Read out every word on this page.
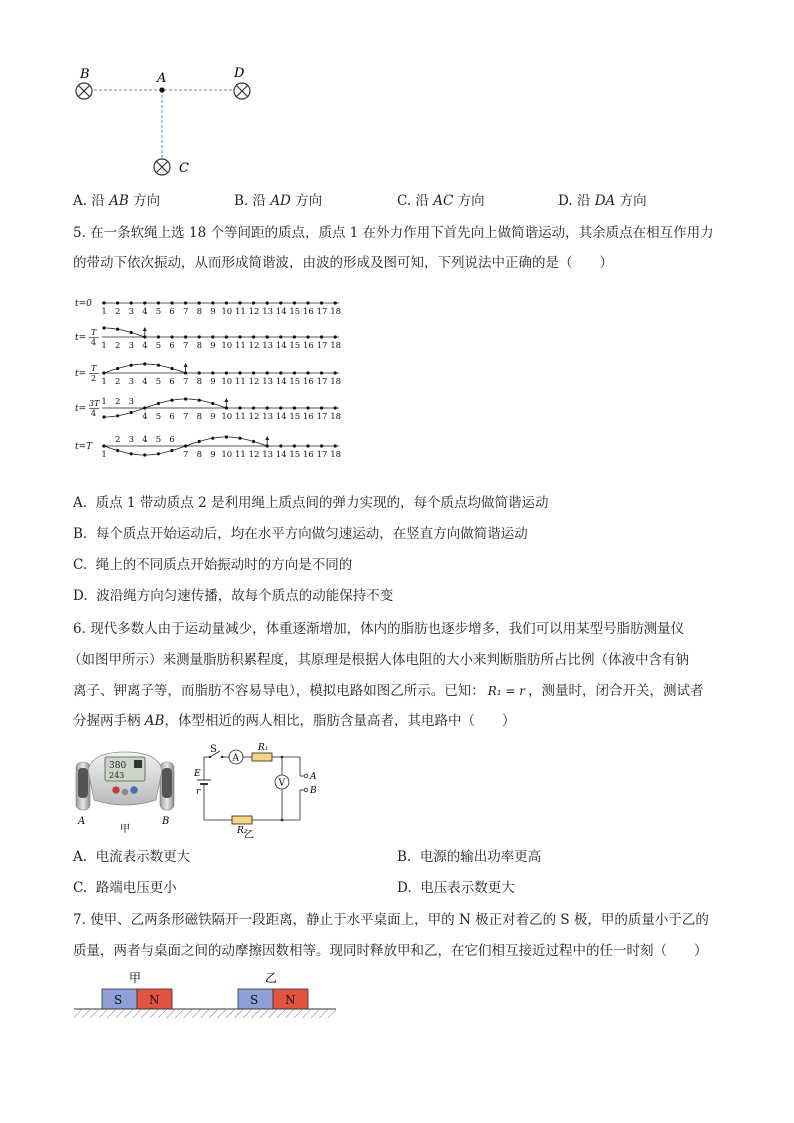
B	A	D
C
A. 沿 AB 方向	B. 沿 AD 方向	C. 沿 AC 方向	D. 沿 DA 方向
5. 在一条软绳上选 18 个等间距的质点，质点 1 在外力作用下首先向上做简谐运动，其余质点在相互作用力
的带动下依次振动，从而形成简谐波，由波的形成及图可知，下列说法中正确的是（　　）
1 2 3 4 5 6 7 8 9 10 11 12 13 14 15 16 17 18
t=0
1 2 3 4 5 6 7 8 9 10 11 12 13 14 15 16 17 18
t=
T
4
1 2 3 4 5 6 7 8 9 10 11 12 13 14 15 16 17 18
t=
T
2
1 2 3
4 5 6 7 8 9 10 11 12 13 14 15 16 17 18
t=
3T
4
1
2 3 4 5 6
7 8 9 10 11 12 13 14 15 16 17 18
t=T
A. 质点 1 带动质点 2 是利用绳上质点间的弹力实现的，每个质点均做简谐运动
B. 每个质点开始运动后，均在水平方向做匀速运动，在竖直方向做简谐运动
C. 绳上的不同质点开始振动时的方向是不同的
D. 波沿绳方向匀速传播，故每个质点的动能保持不变
6. 现代多数人由于运动量减少，体重逐渐增加，体内的脂肪也逐步增多，我们可以用某型号脂肪测量仪
（如图甲所示）来测量脂肪积累程度，其原理是根据人体电阻的大小来判断脂肪所占比例（体液中含有钠
离子、钾离子等，而脂肪不容易导电），模拟电路如图乙所示。已知： R₁ = r ，测量时，闭合开关，测试者
分握两手柄 AB，体型相近的两人相比，脂肪含量高者，其电路中（　　）
380
243
A	B
甲
S
A
R₁
E
r
R₂
V
A
B
乙
A. 电流表示数更大	B. 电源的输出功率更高
C. 路端电压更小	D. 电压表示数更大
7. 使甲、乙两条形磁铁隔开一段距离，静止于水平桌面上，甲的 N 极正对着乙的 S 极，甲的质量小于乙的
质量，两者与桌面之间的动摩擦因数相等。现同时释放甲和乙，在它们相互接近过程中的任一时刻（　　）
甲
S N
乙
S N
